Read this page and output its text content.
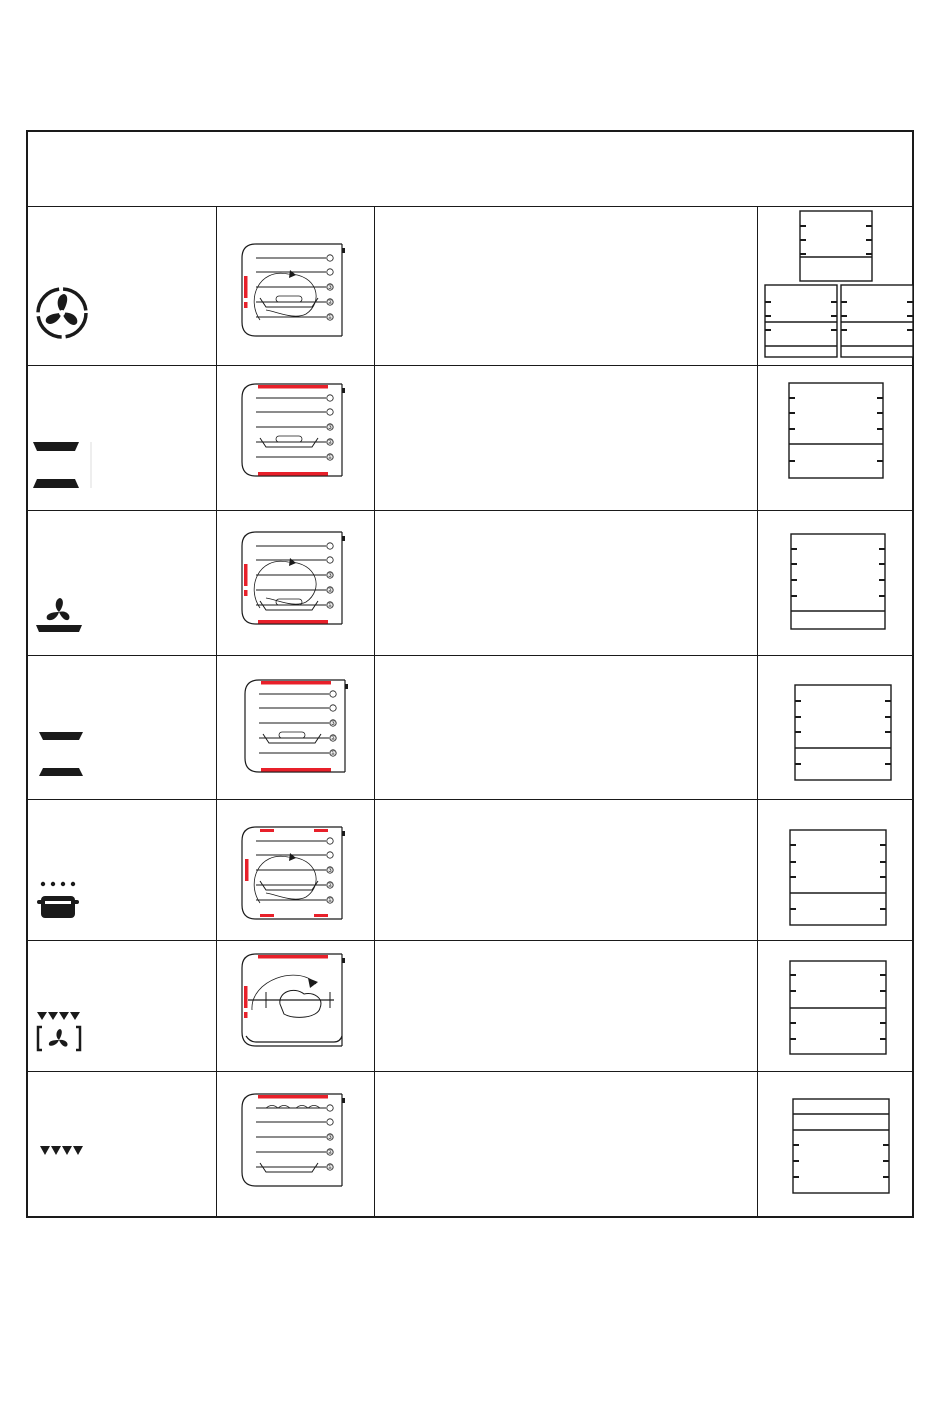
③
②
①
③
②
①
③
②
①
③
②
①
③
②
①
③
②
①
